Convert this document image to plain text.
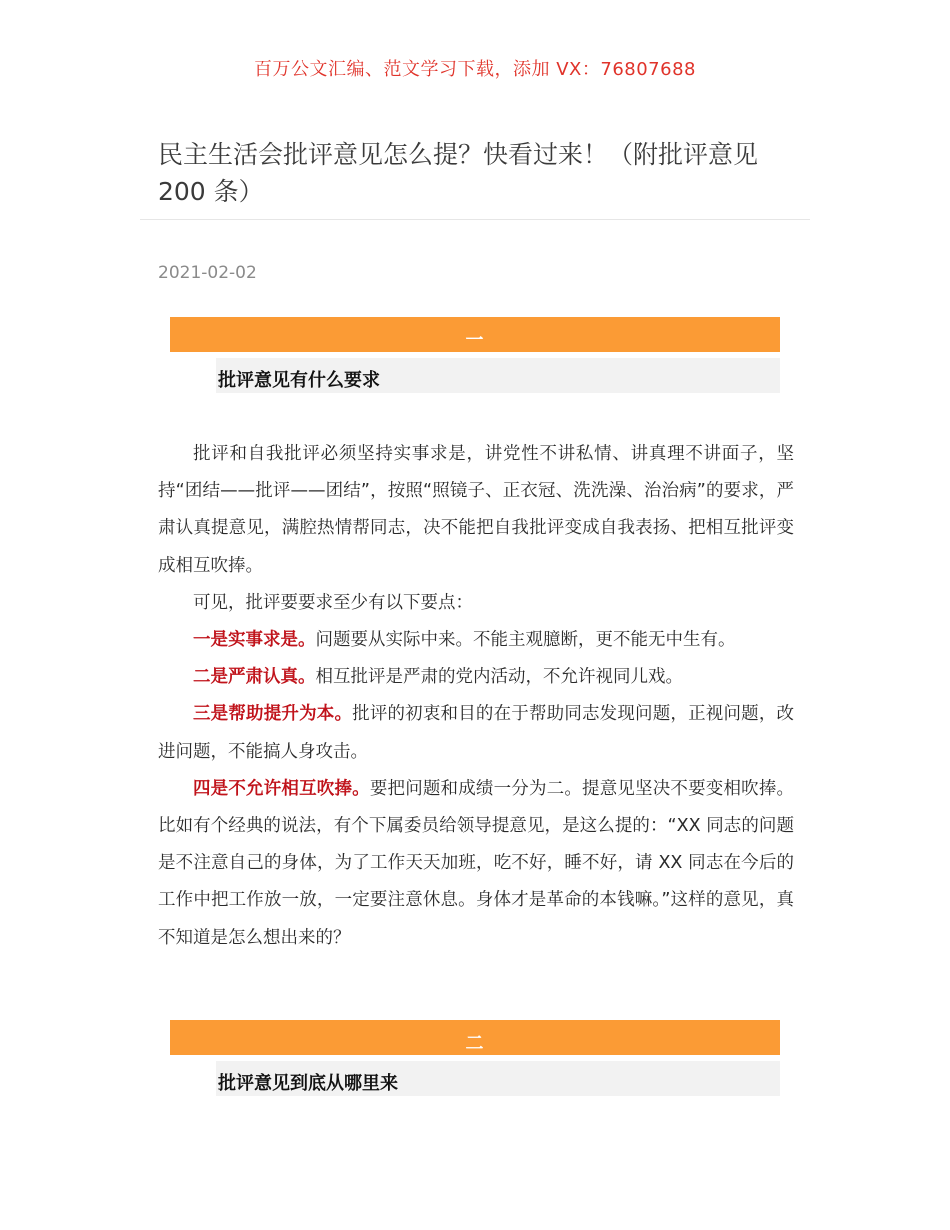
百万公文汇编、范文学习下载，添加 VX：76807688
民主生活会批评意见怎么提？快看过来！（附批评意见 200 条）
2021-02-02
一
批评意见有什么要求

批评和自我批评必须坚持实事求是，讲党性不讲私情、讲真理不讲面子，坚持“团结——批评——团结”，按照“照镜子、正衣冠、洗洗澡、治治病”的要求，严肃认真提意见，满腔热情帮同志，决不能把自我批评变成自我表扬、把相互批评变成相互吹捧。

可见，批评要要求至少有以下要点：

一是实事求是。问题要从实际中来。不能主观臆断，更不能无中生有。

二是严肃认真。相互批评是严肃的党内活动，不允许视同儿戏。

三是帮助提升为本。批评的初衷和目的在于帮助同志发现问题，正视问题，改进问题，不能搞人身攻击。

四是不允许相互吹捧。要把问题和成绩一分为二。提意见坚决不要变相吹捧。比如有个经典的说法，有个下属委员给领导提意见，是这么提的：“XX 同志的问题是不注意自己的身体，为了工作天天加班，吃不好，睡不好，请 XX 同志在今后的工作中把工作放一放，一定要注意休息。身体才是革命的本钱嘛。”这样的意见，真不知道是怎么想出来的？

二
批评意见到底从哪里来
